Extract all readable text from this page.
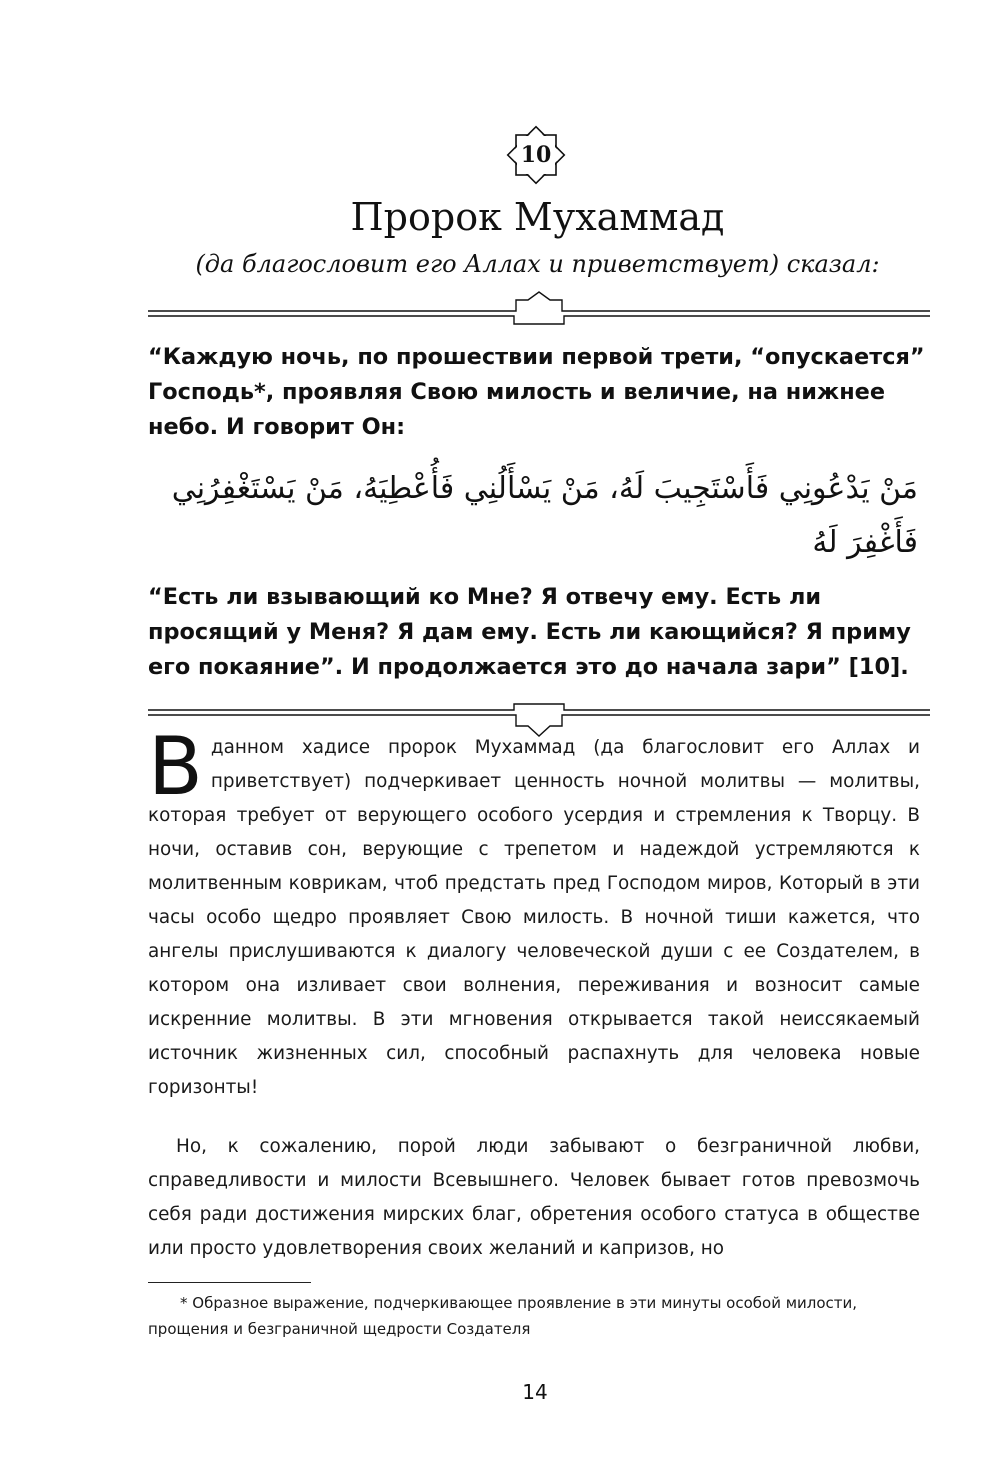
10
Пророк Мухаммад
(да благословит его Аллах и приветствует) сказал:

“Каждую ночь, по прошествии первой трети, “опускается” Господь*, проявляя Свою милость и величие, на нижнее небо. И говорит Он:

مَنْ يَدْعُونِي فَأَسْتَجِيبَ لَهُ، مَنْ يَسْأَلُنِي فَأُعْطِيَهُ، مَنْ يَسْتَغْفِرُنِي فَأَغْفِرَ لَهُ

“Есть ли взывающий ко Мне? Я отвечу ему. Есть ли просящий у Меня? Я дам ему. Есть ли кающийся? Я приму его покаяние”. И продолжается это до начала зари” [10].

В данном хадисе пророк Мухаммад (да благословит его Аллах и приветствует) подчеркивает ценность ночной молитвы — молитвы, которая требует от верующего особого усердия и стремления к Творцу. В ночи, оставив сон, верующие с трепетом и надеждой устремляются к молитвенным коврикам, чтоб предстать пред Господом миров, Который в эти часы особо щедро проявляет Свою милость. В ночной тиши кажется, что ангелы прислушиваются к диалогу человеческой души с ее Создателем, в котором она изливает свои волнения, переживания и возносит самые искренние молитвы. В эти мгновения открывается такой неиссякаемый источник жизненных сил, способный распахнуть для человека новые горизонты!

Но, к сожалению, порой люди забывают о безграничной любви, справедливости и милости Всевышнего. Человек бывает готов превозмочь себя ради достижения мирских благ, обретения особого статуса в обществе или просто удовлетворения своих желаний и капризов, но

* Образное выражение, подчеркивающее проявление в эти минуты особой милости, прощения и безграничной щедрости Создателя

14
